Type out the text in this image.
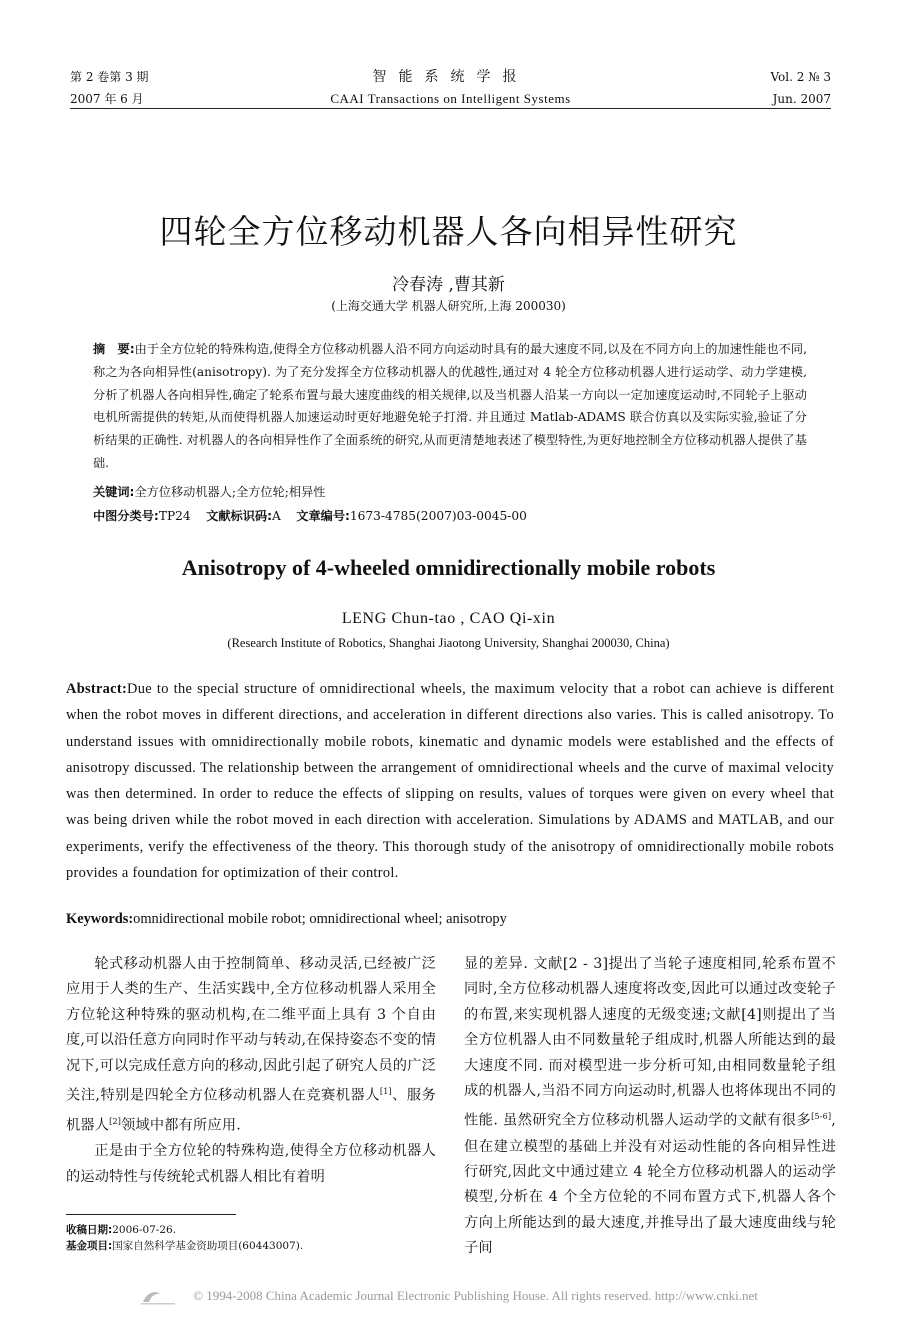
第 2 卷第 3 期
2007 年 6 月
智能系统学报
CAAI Transactions on Intelligent Systems
Vol. 2 № 3
Jun. 2007
四轮全方位移动机器人各向相异性研究
冷春涛 ,曹其新
(上海交通大学 机器人研究所,上海 200030)
摘　要:由于全方位轮的特殊构造,使得全方位移动机器人沿不同方向运动时具有的最大速度不同,以及在不同方向上的加速性能也不同,称之为各向相异性(anisotropy). 为了充分发挥全方位移动机器人的优越性,通过对 4 轮全方位移动机器人进行运动学、动力学建模,分析了机器人各向相异性,确定了轮系布置与最大速度曲线的相关规律,以及当机器人沿某一方向以一定加速度运动时,不同轮子上驱动电机所需提供的转矩,从而使得机器人加速运动时更好地避免轮子打滑. 并且通过 Matlab-ADAMS 联合仿真以及实际实验,验证了分析结果的正确性. 对机器人的各向相异性作了全面系统的研究,从而更清楚地表述了模型特性,为更好地控制全方位移动机器人提供了基础.
关键词:全方位移动机器人;全方位轮;相异性
中图分类号:TP24 文献标识码:A 文章编号:1673-4785(2007)03-0045-00
Anisotropy of 4-wheeled omnidirectionally mobile robots
LENG Chun-tao , CAO Qi-xin
(Research Institute of Robotics, Shanghai Jiaotong University, Shanghai 200030, China)
Abstract:Due to the special structure of omnidirectional wheels, the maximum velocity that a robot can achieve is different when the robot moves in different directions, and acceleration in different directions also varies. This is called anisotropy. To understand issues with omnidirectionally mobile robots, kinematic and dynamic models were established and the effects of anisotropy discussed. The relationship between the arrangement of omnidirectional wheels and the curve of maximal velocity was then determined. In order to reduce the effects of slipping on results, values of torques were given on every wheel that was being driven while the robot moved in each direction with acceleration. Simulations by ADAMS and MATLAB, and our experiments, verify the effectiveness of the theory. This thorough study of the anisotropy of omnidirectionally mobile robots provides a foundation for optimization of their control.
Keywords:omnidirectional mobile robot; omnidirectional wheel; anisotropy

轮式移动机器人由于控制简单、移动灵活,已经被广泛应用于人类的生产、生活实践中,全方位移动机器人采用全方位轮这种特殊的驱动机构,在二维平面上具有 3 个自由度,可以沿任意方向同时作平动与转动,在保持姿态不变的情况下,可以完成任意方向的移动,因此引起了研究人员的广泛关注,特别是四轮全方位移动机器人在竞赛机器人[1]、服务机器人[2]领域中都有所应用.

正是由于全方位轮的特殊构造,使得全方位移动机器人的运动特性与传统轮式机器人相比有着明

显的差异. 文献[2 - 3]提出了当轮子速度相同,轮系布置不同时,全方位移动机器人速度将改变,因此可以通过改变轮子的布置,来实现机器人速度的无级变速;文献[4]则提出了当全方位机器人由不同数量轮子组成时,机器人所能达到的最大速度不同. 而对模型进一步分析可知,由相同数量轮子组成的机器人,当沿不同方向运动时,机器人也将体现出不同的性能. 虽然研究全方位移动机器人运动学的文献有很多[5-6],但在建立模型的基础上并没有对运动性能的各向相异性进行研究,因此文中通过建立 4 轮全方位移动机器人的运动学模型,分析在 4 个全方位轮的不同布置方式下,机器人各个方向上所能达到的最大速度,并推导出了最大速度曲线与轮子间

收稿日期:2006-07-26.
基金项目:国家自然科学基金资助项目(60443007).
© 1994-2008 China Academic Journal Electronic Publishing House. All rights reserved. http://www.cnki.net
